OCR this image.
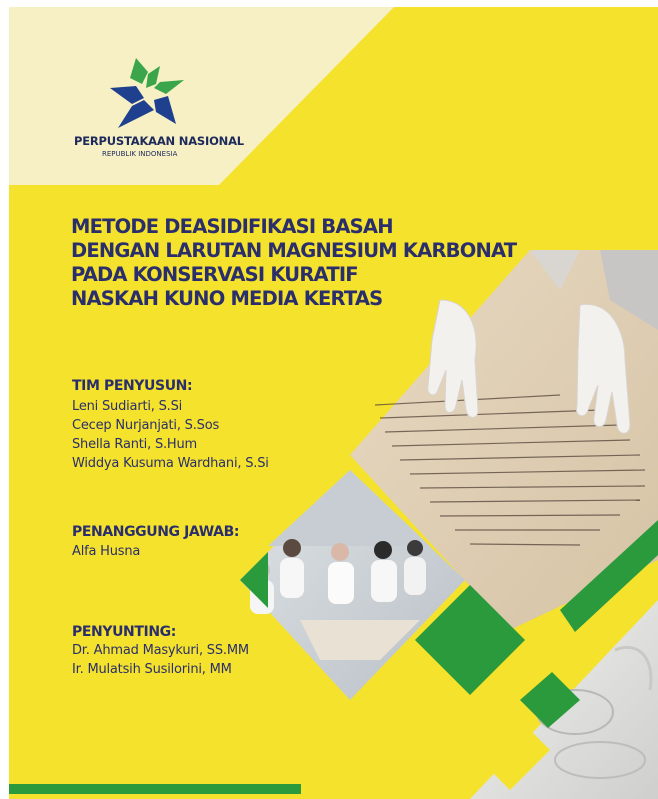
PERPUSTAKAAN NASIONAL

REPUBLIK INDONESIA

METODE DEASIDIFIKASI BASAH
DENGAN LARUTAN MAGNESIUM KARBONAT
PADA KONSERVASI KURATIF
NASKAH KUNO MEDIA KERTAS

TIM PENYUSUN:

Leni Sudiarti, S.Si

Cecep Nurjanjati, S.Sos

Shella Ranti, S.Hum

Widdya Kusuma Wardhani, S.Si

PENANGGUNG JAWAB:

Alfa Husna

PENYUNTING:

Dr. Ahmad Masykuri, SS.MM

Ir. Mulatsih Susilorini, MM
